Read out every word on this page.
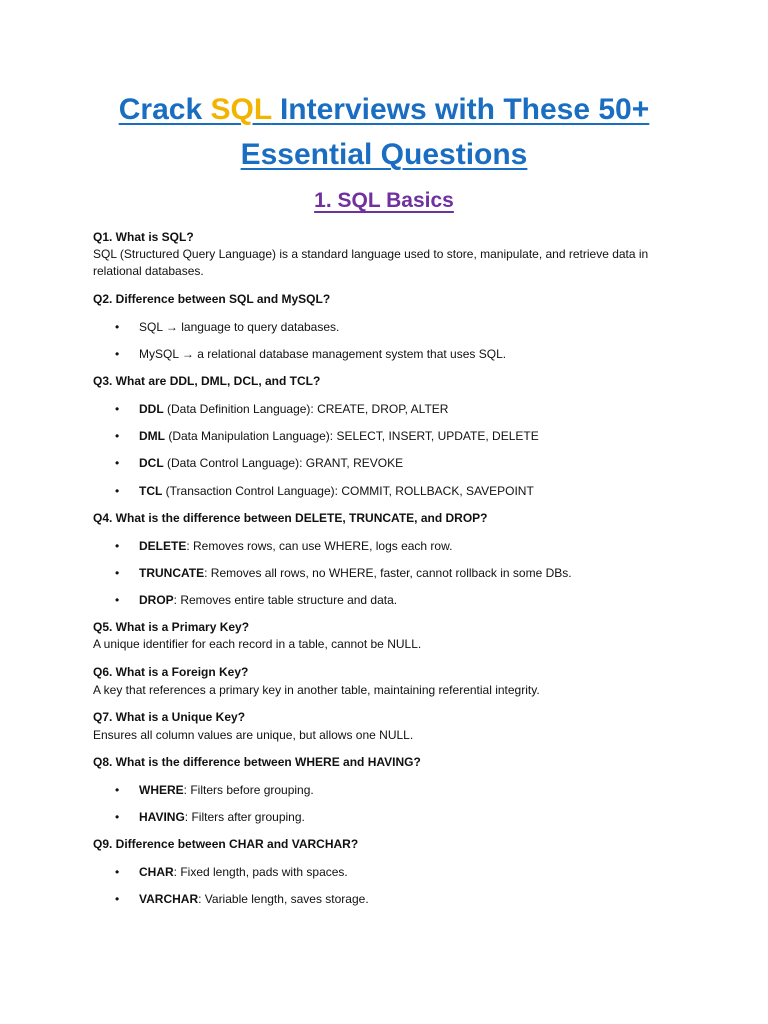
Crack SQL Interviews with These 50+
Essential Questions
1. SQL Basics
Q1. What is SQL?
SQL (Structured Query Language) is a standard language used to store, manipulate, and retrieve data in relational databases.
Q2. Difference between SQL and MySQL?
• SQL → language to query databases.
• MySQL → a relational database management system that uses SQL.
Q3. What are DDL, DML, DCL, and TCL?
• DDL (Data Definition Language): CREATE, DROP, ALTER
• DML (Data Manipulation Language): SELECT, INSERT, UPDATE, DELETE
• DCL (Data Control Language): GRANT, REVOKE
• TCL (Transaction Control Language): COMMIT, ROLLBACK, SAVEPOINT
Q4. What is the difference between DELETE, TRUNCATE, and DROP?
• DELETE: Removes rows, can use WHERE, logs each row.
• TRUNCATE: Removes all rows, no WHERE, faster, cannot rollback in some DBs.
• DROP: Removes entire table structure and data.
Q5. What is a Primary Key?
A unique identifier for each record in a table, cannot be NULL.
Q6. What is a Foreign Key?
A key that references a primary key in another table, maintaining referential integrity.
Q7. What is a Unique Key?
Ensures all column values are unique, but allows one NULL.
Q8. What is the difference between WHERE and HAVING?
• WHERE: Filters before grouping.
• HAVING: Filters after grouping.
Q9. Difference between CHAR and VARCHAR?
• CHAR: Fixed length, pads with spaces.
• VARCHAR: Variable length, saves storage.
